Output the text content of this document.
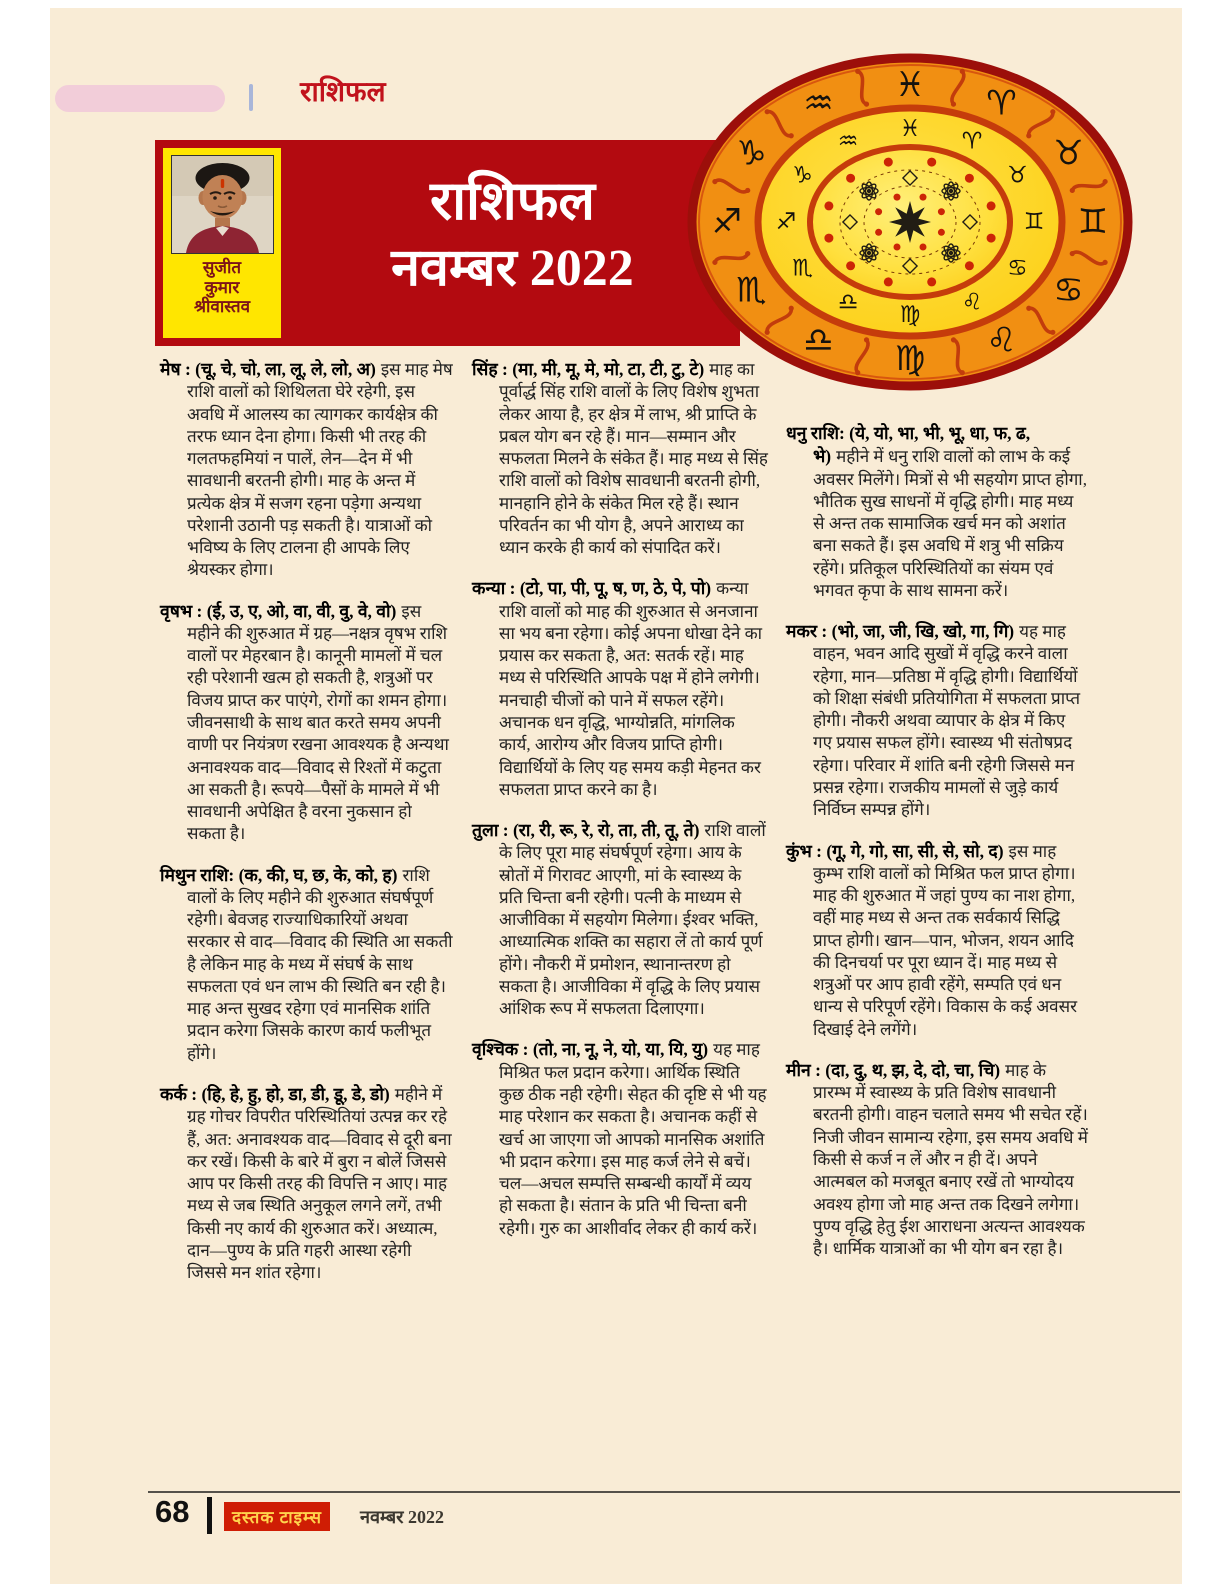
राशिफल
राशिफल
नवम्बर 2022
सुजीत
कुमार
श्रीवास्तव
♓
♒
♑
♐
♏
♎ ♍ ♌
♋
♊
♉
♈
♓
♒
♑
♐
♏
♎ ♍ ♌
♋
♊
♉
♈

मेष : (चू, चे, चो, ला, लू, ले, लो, अ) इस माह मेष राशि वालों को शिथिलता घेरे रहेगी, इस अवधि में आलस्य का त्यागकर कार्यक्षेत्र की तरफ ध्यान देना होगा। किसी भी तरह की गलतफहमियां न पालें, लेन—देन में भी सावधानी बरतनी होगी। माह के अन्त में प्रत्येक क्षेत्र में सजग रहना पड़ेगा अन्यथा परेशानी उठानी पड़ सकती है। यात्राओं को भविष्य के लिए टालना ही आपके लिए श्रेयस्कर होगा।

वृषभ : (ई, उ, ए, ओ, वा, वी, वु, वे, वो) इस महीने की शुरुआत में ग्रह—नक्षत्र वृषभ राशि वालों पर मेहरबान है। कानूनी मामलों में चल रही परेशानी खत्म हो सकती है, शत्रुओं पर विजय प्राप्त कर पाएंगे, रोगों का शमन होगा। जीवनसाथी के साथ बात करते समय अपनी वाणी पर नियंत्रण रखना आवश्यक है अन्यथा अनावश्यक वाद—विवाद से रिश्तों में कटुता आ सकती है। रूपये—पैसों के मामले में भी सावधानी अपेक्षित है वरना नुकसान हो सकता है।

मिथुन राशि: (क, की, घ, छ, के, को, ह) राशि वालों के लिए महीने की शुरुआत संघर्षपूर्ण रहेगी। बेवजह राज्याधिकारियों अथवा सरकार से वाद—विवाद की स्थिति आ सकती है लेकिन माह के मध्य में संघर्ष के साथ सफलता एवं धन लाभ की स्थिति बन रही है। माह अन्त सुखद रहेगा एवं मानसिक शांति प्रदान करेगा जिसके कारण कार्य फलीभूत होंगे।

कर्क : (हि, हे, हु, हो, डा, डी, डू, डे, डो) महीने में ग्रह गोचर विपरीत परिस्थितियां उत्पन्न कर रहे हैं, अत: अनावश्यक वाद—विवाद से दूरी बना कर रखें। किसी के बारे में बुरा न बोलें जिससे आप पर किसी तरह की विपत्ति न आए। माह मध्य से जब स्थिति अनुकूल लगने लगें, तभी किसी नए कार्य की शुरुआत करें। अध्यात्म, दान—पुण्य के प्रति गहरी आस्था रहेगी जिससे मन शांत रहेगा।

सिंह : (मा, मी, मू, मे, मो, टा, टी, टु, टे) माह का पूर्वार्द्ध सिंह राशि वालों के लिए विशेष शुभता लेकर आया है, हर क्षेत्र में लाभ, श्री प्राप्ति के प्रबल योग बन रहे हैं। मान—सम्मान और सफलता मिलने के संकेत हैं। माह मध्य से सिंह राशि वालों को विशेष सावधानी बरतनी होगी, मानहानि होने के संकेत मिल रहे हैं। स्थान परिवर्तन का भी योग है, अपने आराध्य का ध्यान करके ही कार्य को संपादित करें।

कन्या : (टो, पा, पी, पू, ष, ण, ठे, पे, पो) कन्या राशि वालों को माह की शुरुआत से अनजाना सा भय बना रहेगा। कोई अपना धोखा देने का प्रयास कर सकता है, अत: सतर्क रहें। माह मध्य से परिस्थिति आपके पक्ष में होने लगेगी। मनचाही चीजों को पाने में सफल रहेंगे। अचानक धन वृद्धि, भाग्योन्नति, मांगलिक कार्य, आरोग्य और विजय प्राप्ति होगी। विद्यार्थियों के लिए यह समय कड़ी मेहनत कर सफलता प्राप्त करने का है।

तुला : (रा, री, रू, रे, रो, ता, ती, तू, ते) राशि वालों के लिए पूरा माह संघर्षपूर्ण रहेगा। आय के स्रोतों में गिरावट आएगी, मां के स्वास्थ्य के प्रति चिन्ता बनी रहेगी। पत्नी के माध्यम से आजीविका में सहयोग मिलेगा। ईश्वर भक्ति, आध्यात्मिक शक्ति का सहारा लें तो कार्य पूर्ण होंगे। नौकरी में प्रमोशन, स्थानान्तरण हो सकता है। आजीविका में वृद्धि के लिए प्रयास आंशिक रूप में सफलता दिलाएगा।

वृश्चिक : (तो, ना, नू, ने, यो, या, यि, यु) यह माह मिश्रित फल प्रदान करेगा। आर्थिक स्थिति कुछ ठीक नही रहेगी। सेहत की दृष्टि से भी यह माह परेशान कर सकता है। अचानक कहीं से खर्च आ जाएगा जो आपको मानसिक अशांति भी प्रदान करेगा। इस माह कर्ज लेने से बचें। चल—अचल सम्पत्ति सम्बन्धी कार्यों में व्यय हो सकता है। संतान के प्रति भी चिन्ता बनी रहेगी। गुरु का आशीर्वाद लेकर ही कार्य करें।

धनु राशि: (ये, यो, भा, भी, भू, धा, फ, ढ, भे) महीने में धनु राशि वालों को लाभ के कई अवसर मिलेंगे। मित्रों से भी सहयोग प्राप्त होगा, भौतिक सुख साधनों में वृद्धि होगी। माह मध्य से अन्त तक सामाजिक खर्च मन को अशांत बना सकते हैं। इस अवधि में शत्रु भी सक्रिय रहेंगे। प्रतिकूल परिस्थितियों का संयम एवं भगवत कृपा के साथ सामना करें।

मकर : (भो, जा, जी, खि, खो, गा, गि) यह माह वाहन, भवन आदि सुखों में वृद्धि करने वाला रहेगा, मान—प्रतिष्ठा में वृद्धि होगी। विद्यार्थियों को शिक्षा संबंधी प्रतियोगिता में सफलता प्राप्त होगी। नौकरी अथवा व्यापार के क्षेत्र में किए गए प्रयास सफल होंगे। स्वास्थ्य भी संतोषप्रद रहेगा। परिवार में शांति बनी रहेगी जिससे मन प्रसन्न रहेगा। राजकीय मामलों से जुड़े कार्य निर्विघ्न सम्पन्न होंगे।

कुंभ : (गू, गे, गो, सा, सी, से, सो, द) इस माह कुम्भ राशि वालों को मिश्रित फल प्राप्त होगा। माह की शुरुआत में जहां पुण्य का नाश होगा, वहीं माह मध्य से अन्त तक सर्वकार्य सिद्धि प्राप्त होगी। खान—पान, भोजन, शयन आदि की दिनचर्या पर पूरा ध्यान दें। माह मध्य से शत्रुओं पर आप हावी रहेंगे, सम्पति एवं धन धान्य से परिपूर्ण रहेंगे। विकास के कई अवसर दिखाई देने लगेंगे।

मीन : (दा, दु, थ, झ, दे, दो, चा, चि) माह के प्रारम्भ में स्वास्थ्य के प्रति विशेष सावधानी बरतनी होगी। वाहन चलाते समय भी सचेत रहें। निजी जीवन सामान्य रहेगा, इस समय अवधि में किसी से कर्ज न लें और न ही दें। अपने आत्मबल को मजबूत बनाए रखें तो भाग्योदय अवश्य होगा जो माह अन्त तक दिखने लगेगा। पुण्य वृद्धि हेतु ईश आराधना अत्यन्त आवश्यक है। धार्मिक यात्राओं का भी योग बन रहा है।

68	दस्तक टाइम्स	नवम्बर 2022
